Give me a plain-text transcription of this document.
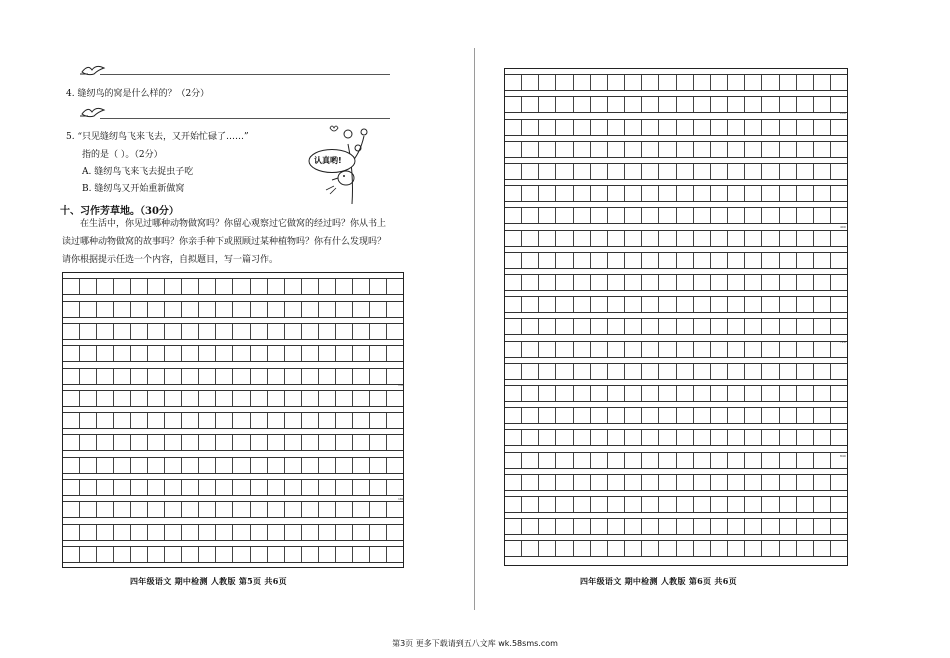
4. 缝纫鸟的窝是什么样的？（2分）
5. “只见缝纫鸟飞来飞去，又开始忙碌了……”
指的是（ ）。（2分）
A. 缝纫鸟飞来飞去捉虫子吃
B. 缝纫鸟又开始重新做窝
认真哟!
十、习作芳草地。（30分）
在生活中，你见过哪种动物做窝吗？你留心观察过它做窝的经过吗？你从书上
读过哪种动物做窝的故事吗？你亲手种下或照顾过某种植物吗？你有什么发现吗？
请你根据提示任选一个内容，自拟题目，写一篇习作。
140
180
四年级语文 期中检测 人教版 第5页 共6页
200
400
720
840
四年级语文 期中检测 人教版 第6页 共6页
第3页 更多下载请到五八文库 wk.58sms.com
